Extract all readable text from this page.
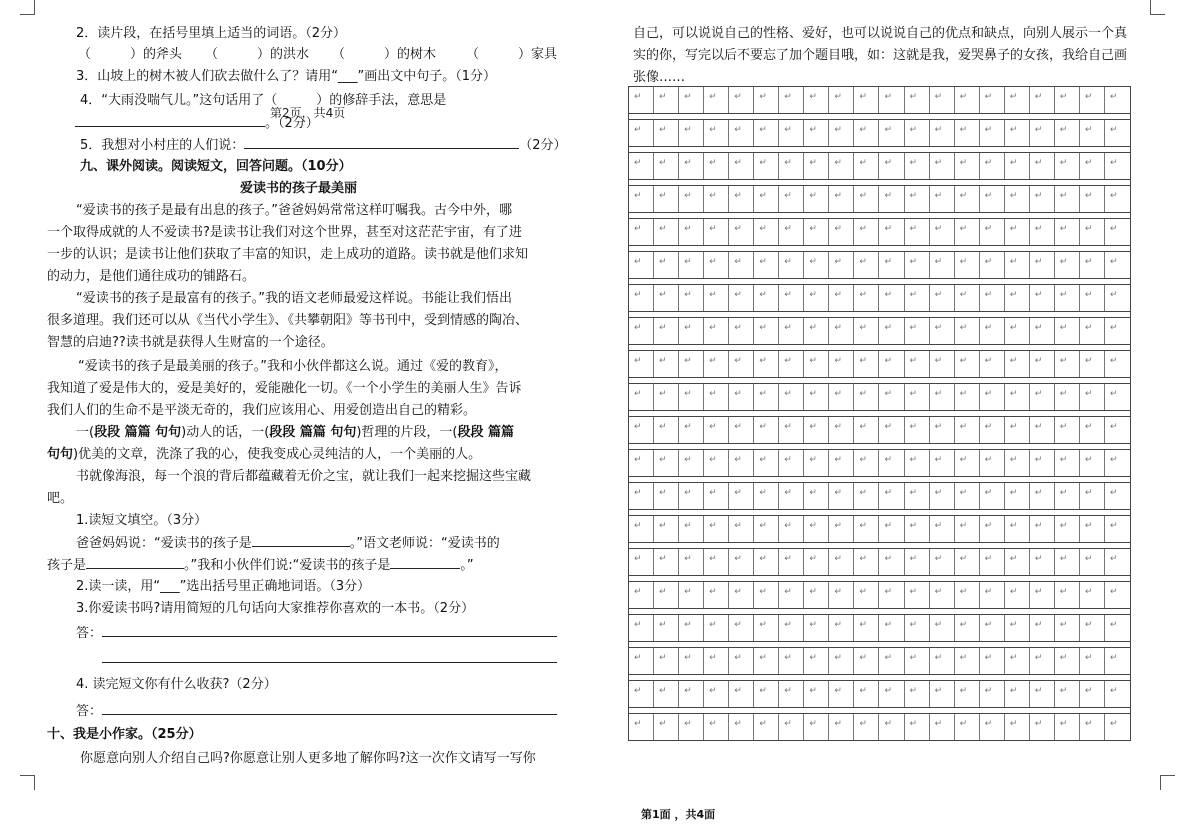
2．读片段，在括号里填上适当的词语。（2分）
（　　　）的斧头 （　　　）的洪水 （　　　）的树木 （　　　）家具
3．山坡上的树木被人们砍去做什么了？请用“___”画出文中句子。（1分）
4．“大雨没喘气儿。”这句话用了（　　　）的修辞手法，意思是
第2页，共4页
。（2分）
5．我想对小村庄的人们说：	（2分）
九、课外阅读。阅读短文，回答问题。（10分）
爱读书的孩子最美丽
“爱读书的孩子是最有出息的孩子。”爸爸妈妈常常这样叮嘱我。古今中外，哪
一个取得成就的人不爱读书?是读书让我们对这个世界，甚至对这茫茫宇宙，有了进
一步的认识；是读书让他们获取了丰富的知识，走上成功的道路。读书就是他们求知
的动力，是他们通往成功的铺路石。
“爱读书的孩子是最富有的孩子。”我的语文老师最爱这样说。书能让我们悟出
很多道理。我们还可以从《当代小学生》、《共攀朝阳》等书刊中，受到情感的陶冶、
智慧的启迪??读书就是获得人生财富的一个途径。
“爱读书的孩子是最美丽的孩子。”我和小伙伴都这么说。通过《爱的教育》，
我知道了爱是伟大的，爱是美好的，爱能融化一切。《一个小学生的美丽人生》告诉
我们人们的生命不是平淡无奇的，我们应该用心、用爱创造出自己的精彩。
一(段段 篇篇 句句)动人的话，一(段段 篇篇 句句)哲理的片段，一(段段 篇篇
句句)优美的文章，洗涤了我的心，使我变成心灵纯洁的人，一个美丽的人。
书就像海浪，每一个浪的背后都蕴藏着无价之宝，就让我们一起来挖掘这些宝藏
吧。
1.读短文填空。（3分）
爸爸妈妈说：“爱读书的孩子是	。”语文老师说：“爱读书的
孩子是	。”我和小伙伴们说:“爱读书的孩子是	。”
2.读一读，用“___”选出括号里正确地词语。（3分）
3.你爱读书吗?请用简短的几句话向大家推荐你喜欢的一本书。（2分）
答：
4. 读完短文你有什么收获?（2分）
答：
十、我是小作家。（25分）
你愿意向别人介绍自己吗?你愿意让别人更多地了解你吗?这一次作文请写一写你
自己，可以说说自己的性格、爱好，也可以说说自己的优点和缺点，向别人展示一个真
实的你，写完以后不要忘了加个题目哦，如：这就是我，爱哭鼻子的女孩，我给自己画
张像……
↵ ↵ ↵ ↵ ↵ ↵ ↵ ↵ ↵ ↵ ↵ ↵ ↵ ↵ ↵ ↵ ↵ ↵ ↵ ↵
↵ ↵ ↵ ↵ ↵ ↵ ↵ ↵ ↵ ↵ ↵ ↵ ↵ ↵ ↵ ↵ ↵ ↵ ↵ ↵
↵ ↵ ↵ ↵ ↵ ↵ ↵ ↵ ↵ ↵ ↵ ↵ ↵ ↵ ↵ ↵ ↵ ↵ ↵ ↵
↵ ↵ ↵ ↵ ↵ ↵ ↵ ↵ ↵ ↵ ↵ ↵ ↵ ↵ ↵ ↵ ↵ ↵ ↵ ↵
↵ ↵ ↵ ↵ ↵ ↵ ↵ ↵ ↵ ↵ ↵ ↵ ↵ ↵ ↵ ↵ ↵ ↵ ↵ ↵
↵ ↵ ↵ ↵ ↵ ↵ ↵ ↵ ↵ ↵ ↵ ↵ ↵ ↵ ↵ ↵ ↵ ↵ ↵ ↵
↵ ↵ ↵ ↵ ↵ ↵ ↵ ↵ ↵ ↵ ↵ ↵ ↵ ↵ ↵ ↵ ↵ ↵ ↵ ↵
↵ ↵ ↵ ↵ ↵ ↵ ↵ ↵ ↵ ↵ ↵ ↵ ↵ ↵ ↵ ↵ ↵ ↵ ↵ ↵
↵ ↵ ↵ ↵ ↵ ↵ ↵ ↵ ↵ ↵ ↵ ↵ ↵ ↵ ↵ ↵ ↵ ↵ ↵ ↵
↵ ↵ ↵ ↵ ↵ ↵ ↵ ↵ ↵ ↵ ↵ ↵ ↵ ↵ ↵ ↵ ↵ ↵ ↵ ↵
↵ ↵ ↵ ↵ ↵ ↵ ↵ ↵ ↵ ↵ ↵ ↵ ↵ ↵ ↵ ↵ ↵ ↵ ↵ ↵
↵ ↵ ↵ ↵ ↵ ↵ ↵ ↵ ↵ ↵ ↵ ↵ ↵ ↵ ↵ ↵ ↵ ↵ ↵ ↵
↵ ↵ ↵ ↵ ↵ ↵ ↵ ↵ ↵ ↵ ↵ ↵ ↵ ↵ ↵ ↵ ↵ ↵ ↵ ↵
↵ ↵ ↵ ↵ ↵ ↵ ↵ ↵ ↵ ↵ ↵ ↵ ↵ ↵ ↵ ↵ ↵ ↵ ↵ ↵
↵ ↵ ↵ ↵ ↵ ↵ ↵ ↵ ↵ ↵ ↵ ↵ ↵ ↵ ↵ ↵ ↵ ↵ ↵ ↵
↵ ↵ ↵ ↵ ↵ ↵ ↵ ↵ ↵ ↵ ↵ ↵ ↵ ↵ ↵ ↵ ↵ ↵ ↵ ↵
↵ ↵ ↵ ↵ ↵ ↵ ↵ ↵ ↵ ↵ ↵ ↵ ↵ ↵ ↵ ↵ ↵ ↵ ↵ ↵
↵ ↵ ↵ ↵ ↵ ↵ ↵ ↵ ↵ ↵ ↵ ↵ ↵ ↵ ↵ ↵ ↵ ↵ ↵ ↵
↵ ↵ ↵ ↵ ↵ ↵ ↵ ↵ ↵ ↵ ↵ ↵ ↵ ↵ ↵ ↵ ↵ ↵ ↵ ↵
↵ ↵ ↵ ↵ ↵ ↵ ↵ ↵ ↵ ↵ ↵ ↵ ↵ ↵ ↵ ↵ ↵ ↵ ↵ ↵
第1面 ，共4面
